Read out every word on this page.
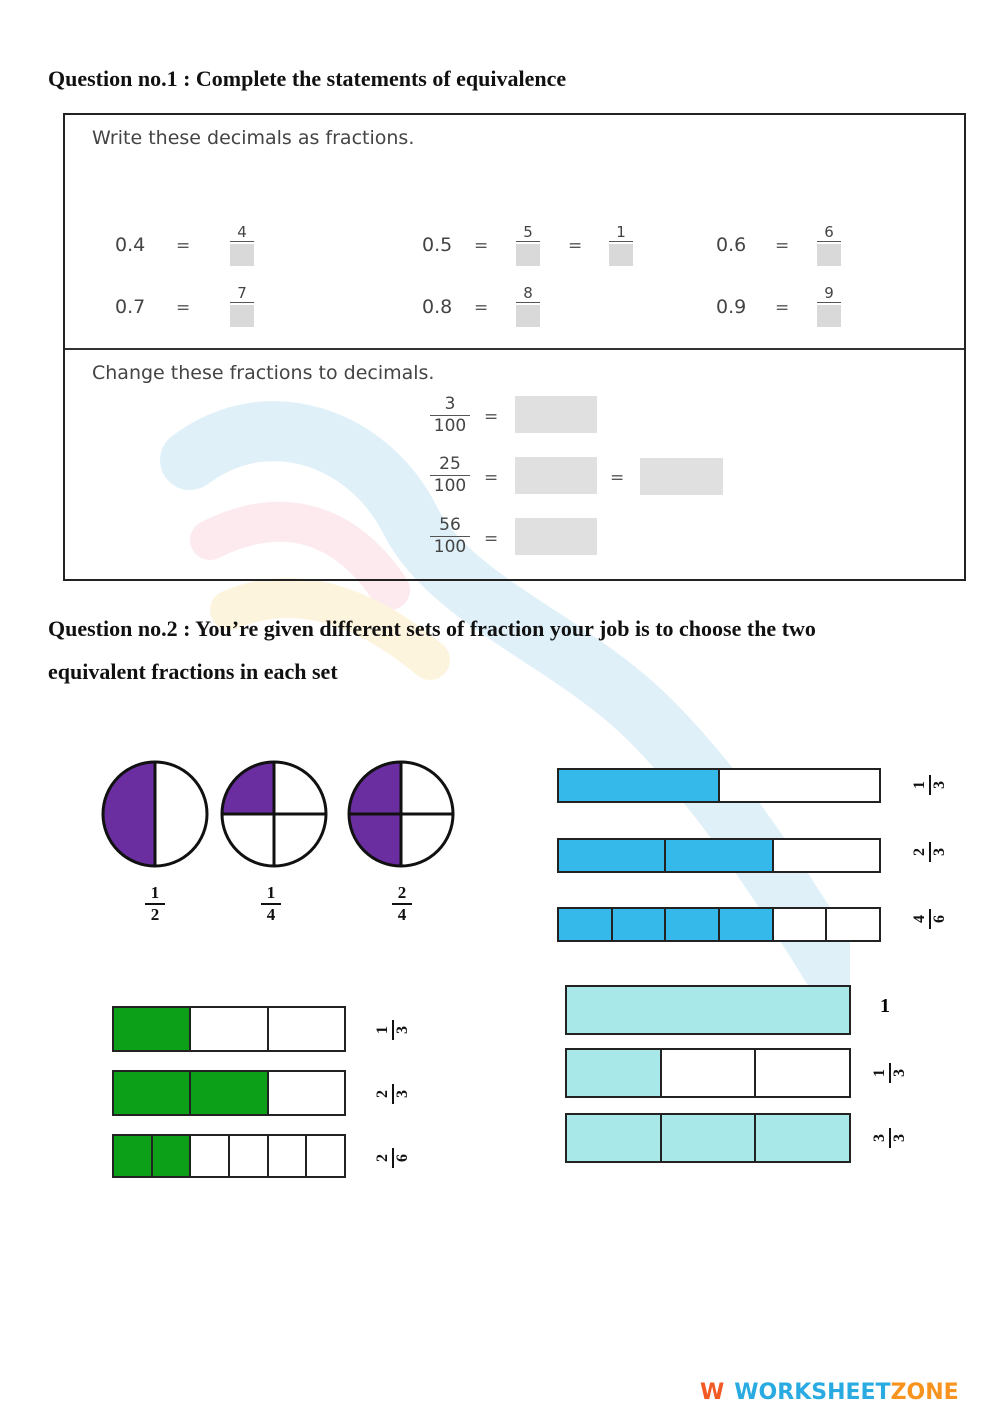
Question no.1 : Complete the statements of equivalence
Write these decimals as fractions.
0.4 =
4
0.5 =
5
=
1
0.6 =
6
0.7 =
7
0.8 =
8
0.9 =
9
Change these fractions to decimals.
3
100 =
25
100 =	=
56
100 =
Question no.2 : You’re given different sets of fraction your job is to choose the two
equivalent fractions in each set
1
2
1
4
2
4
1 3
2 3
4 6
1 3
2 3
2 6
1
1 3
3 3
W WORKSHEETZONE
